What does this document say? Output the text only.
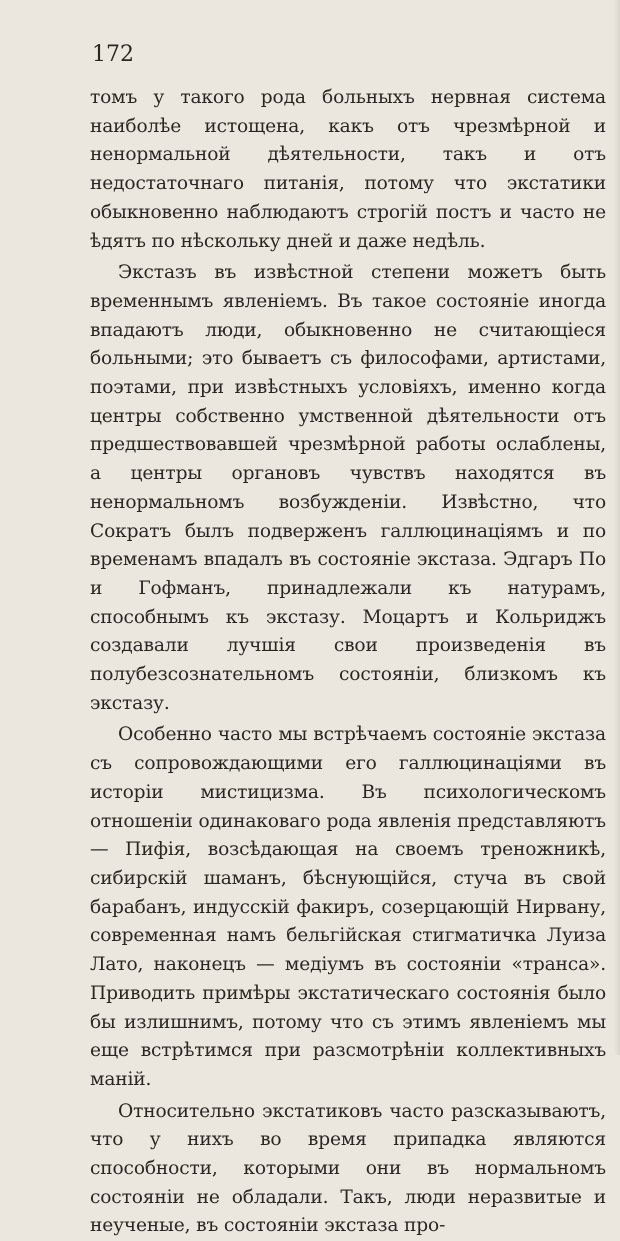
172

томъ у такого рода больныхъ нервная система наиболѣе истощена, какъ отъ чрезмѣрной и ненормальной дѣятельности, такъ и отъ недостаточнаго питанія, потому что экстатики обыкновенно наблюдаютъ строгій постъ и часто не ѣдятъ по нѣскольку дней и даже недѣль.

Экстазъ въ извѣстной степени можетъ быть временнымъ явленіемъ. Въ такое состояніе иногда впадаютъ люди, обыкновенно не считающіеся больными; это бываетъ съ философами, артистами, поэтами, при извѣстныхъ условіяхъ, именно когда центры собственно умственной дѣятельности отъ предшествовавшей чрезмѣрной работы ослаблены, а центры органовъ чувствъ находятся въ ненормальномъ возбужденіи. Извѣстно, что Сократъ былъ подверженъ галлюцинаціямъ и по временамъ впадалъ въ состояніе экстаза. Эдгаръ По и Гофманъ, принадлежали къ натурамъ, способнымъ къ экстазу. Моцартъ и Кольриджъ создавали лучшія свои произведенія въ полубезсознательномъ состояніи, близкомъ къ экстазу.

Особенно часто мы встрѣчаемъ состояніе экстаза съ сопровождающими его галлюцинаціями въ исторіи мистицизма. Въ психологическомъ отношеніи одинаковаго рода явленія представляютъ — Пифія, возсѣдающая на своемъ треножникѣ, сибирскій шаманъ, бѣснующійся, стуча въ свой барабанъ, индусскій факиръ, созерцающій Нирвану, современная намъ бельгійская стигматичка Луиза Лато, наконецъ — медіумъ въ состояніи «транса». Приводить примѣры экстатическаго состоянія было бы излишнимъ, потому что съ этимъ явленіемъ мы еще встрѣтимся при разсмотрѣніи коллективныхъ маній.

Относительно экстатиковъ часто разсказываютъ, что у нихъ во время припадка являются способности, которыми они въ нормальномъ состояніи не обладали. Такъ, люди неразвитые и неученые, въ состояніи экстаза про-
